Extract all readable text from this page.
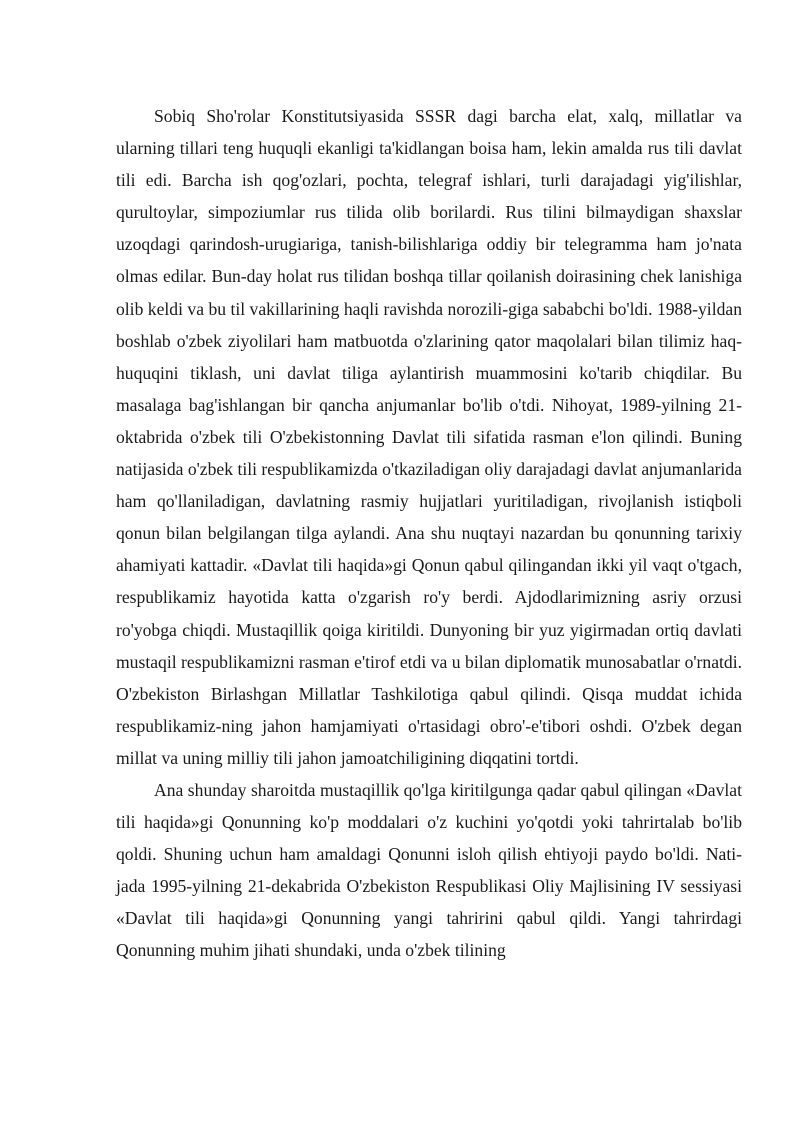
Sobiq Sho'rolar Konstitutsiyasida SSSR dagi barcha elat, xalq, millatlar va ularning tillari teng huquqli ekanligi ta'kidlangan boisa ham, lekin amalda rus tili davlat tili edi. Barcha ish qog'ozlari, pochta, telegraf ishlari, turli darajadagi yig'ilishlar, qurultoylar, simpoziumlar rus tilida olib borilardi. Rus tilini bilmaydigan shaxslar uzoqdagi qarindosh-urugiariga, tanish-bilishlariga oddiy bir telegramma ham jo'nata olmas edilar. Bun-day holat rus tilidan boshqa tillar qoilanish doirasining chek lanishiga olib keldi va bu til vakillarining haqli ravishda norozili-giga sababchi bo'ldi. 1988-yildan boshlab o'zbek ziyolilari ham matbuotda o'zlarining qator maqolalari bilan tilimiz haq-huquqini tiklash, uni davlat tiliga aylantirish muammosini ko'tarib chiqdilar. Bu masalaga bag'ishlangan bir qancha anjumanlar bo'lib o'tdi. Nihoyat, 1989-yilning 21-oktabrida o'zbek tili O'zbekistonning Davlat tili sifatida rasman e'lon qilindi. Buning natijasida o'zbek tili respublikamizda o'tkaziladigan oliy darajadagi davlat anjumanlarida ham qo'llaniladigan, davlatning rasmiy hujjatlari yuritiladigan, rivojlanish istiqboli qonun bilan belgilangan tilga aylandi. Ana shu nuqtayi nazardan bu qonunning tarixiy ahamiyati kattadir. «Davlat tili haqida»gi Qonun qabul qilingandan ikki yil vaqt o'tgach, respublikamiz hayotida katta o'zgarish ro'y berdi. Ajdodlarimizning asriy orzusi ro'yobga chiqdi. Mustaqillik qoiga kiritildi. Dunyoning bir yuz yigirmadan ortiq davlati mustaqil respublikamizni rasman e'tirof etdi va u bilan diplomatik munosabatlar o'rnatdi. O'zbekiston Birlashgan Millatlar Tashkilotiga qabul qilindi. Qisqa muddat ichida respublikamiz-ning jahon hamjamiyati o'rtasidagi obro'-e'tibori oshdi. O'zbek degan millat va uning milliy tili jahon jamoatchiligining diqqatini tortdi.

Ana shunday sharoitda mustaqillik qo'lga kiritilgunga qadar qabul qilingan «Davlat tili haqida»gi Qonunning ko'p moddalari o'z kuchini yo'qotdi yoki tahrirtalab bo'lib qoldi. Shuning uchun ham amaldagi Qonunni isloh qilish ehtiyoji paydo bo'ldi. Nati-jada 1995-yilning 21-dekabrida O'zbekiston Respublikasi Oliy Majlisining IV sessiyasi «Davlat tili haqida»gi Qonunning yangi tahririni qabul qildi. Yangi tahrirdagi Qonunning muhim jihati shundaki, unda o'zbek tilining
